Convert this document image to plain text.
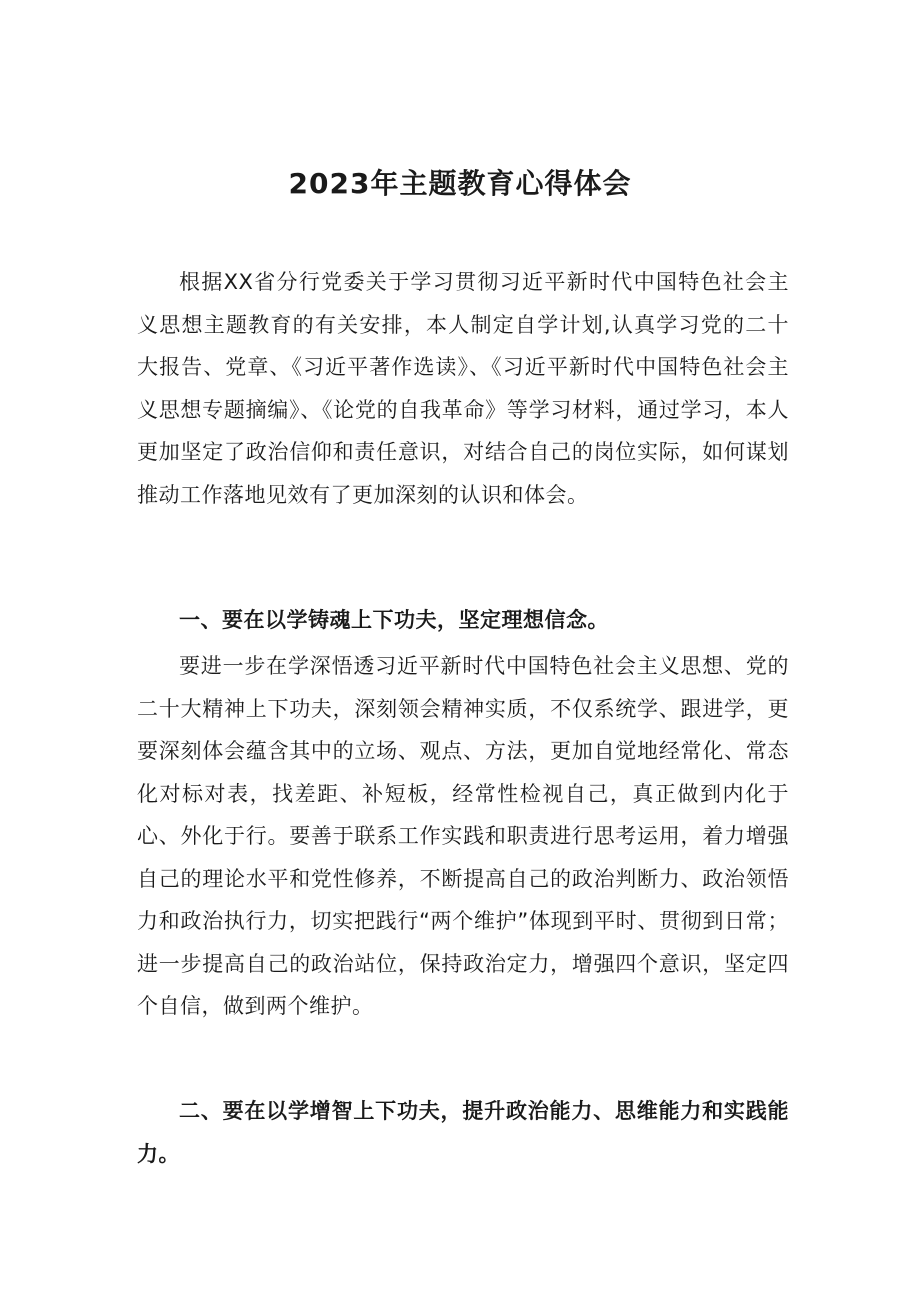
2023年主题教育心得体会

根据XX省分行党委关于学习贯彻习近平新时代中国特色社会主义思想主题教育的有关安排，本人制定自学计划,认真学习党的二十大报告、党章、《习近平著作选读》、《习近平新时代中国特色社会主义思想专题摘编》、《论党的自我革命》等学习材料，通过学习，本人更加坚定了政治信仰和责任意识，对结合自己的岗位实际，如何谋划推动工作落地见效有了更加深刻的认识和体会。

一、要在以学铸魂上下功夫，坚定理想信念。

要进一步在学深悟透习近平新时代中国特色社会主义思想、党的二十大精神上下功夫，深刻领会精神实质，不仅系统学、跟进学，更要深刻体会蕴含其中的立场、观点、方法，更加自觉地经常化、常态化对标对表，找差距、补短板，经常性检视自己，真正做到内化于心、外化于行。要善于联系工作实践和职责进行思考运用，着力增强自己的理论水平和党性修养，不断提高自己的政治判断力、政治领悟力和政治执行力，切实把践行“两个维护”体现到平时、贯彻到日常；进一步提高自己的政治站位，保持政治定力，增强四个意识，坚定四个自信，做到两个维护。

二、要在以学增智上下功夫，提升政治能力、思维能力和实践能力。
